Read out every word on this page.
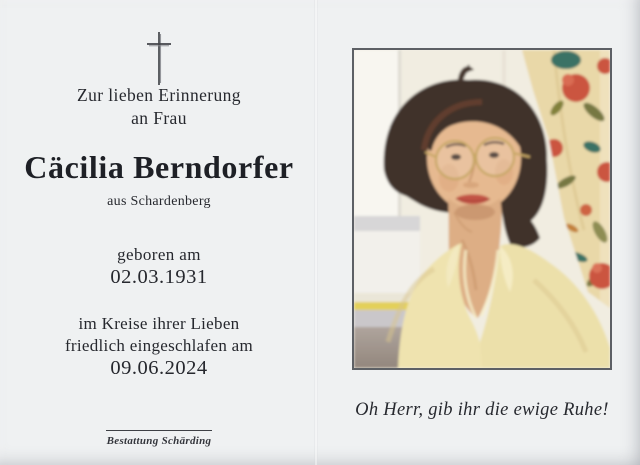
Zur lieben Erinnerung
an Frau
Cäcilia Berndorfer
aus Schardenberg
geboren am
02.03.1931
im Kreise ihrer Lieben
friedlich eingeschlafen am
09.06.2024
Bestattung Schärding
Oh Herr, gib ihr die ewige Ruhe!
